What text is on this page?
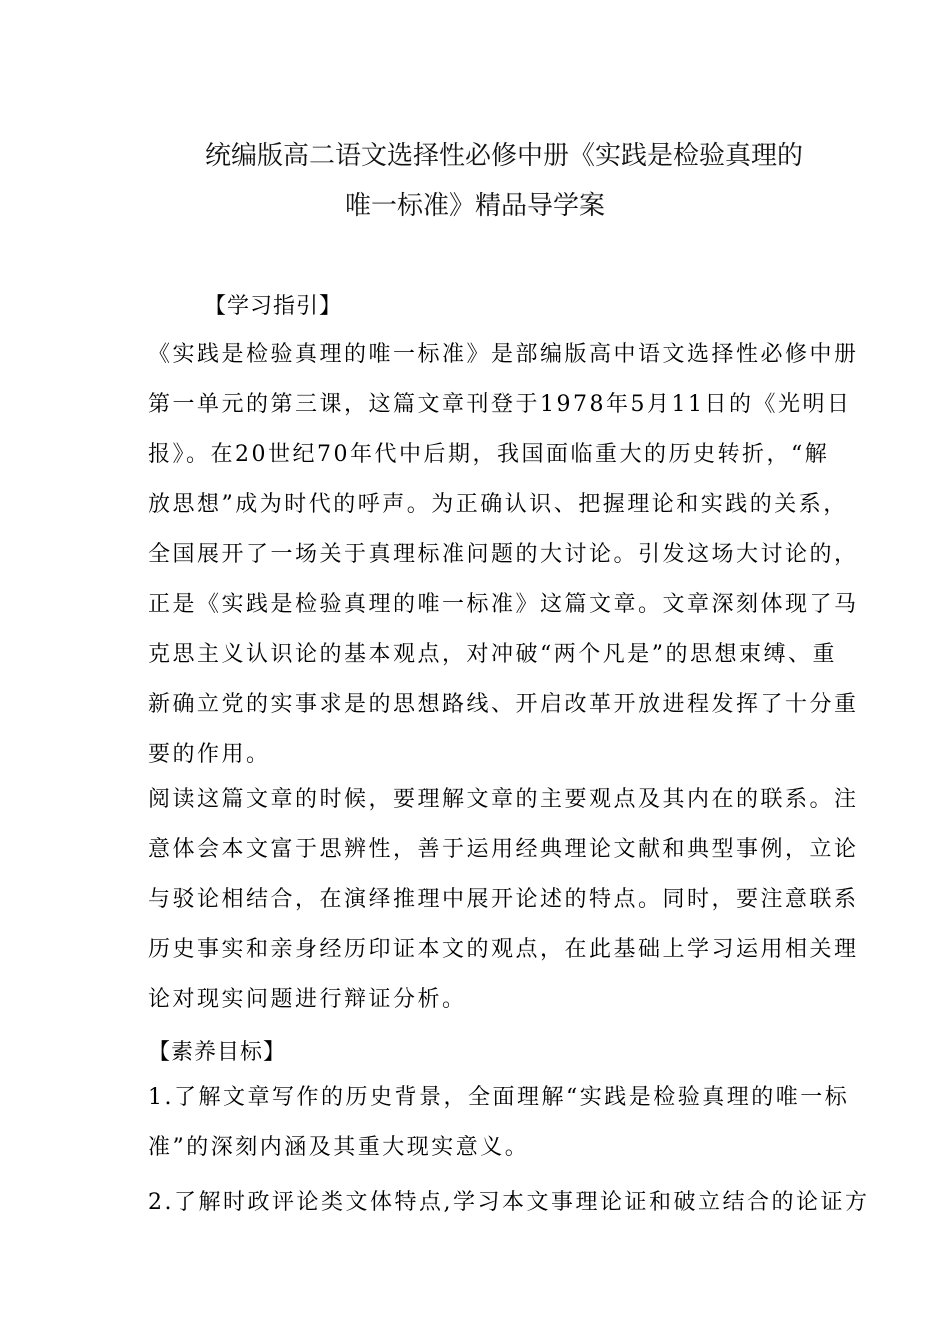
统编版高二语文选择性必修中册《实践是检验真理的
唯一标准》精品导学案
【学习指引】
《实践是检验真理的唯一标准》是部编版高中语文选择性必修中册
第一单元的第三课，这篇文章刊登于1978年5月11日的《光明日
报》。在20世纪70年代中后期，我国面临重大的历史转折，“解
放思想”成为时代的呼声。为正确认识、把握理论和实践的关系，
全国展开了一场关于真理标准问题的大讨论。引发这场大讨论的，
正是《实践是检验真理的唯一标准》这篇文章。文章深刻体现了马
克思主义认识论的基本观点，对冲破“两个凡是”的思想束缚、重
新确立党的实事求是的思想路线、开启改革开放进程发挥了十分重
要的作用。
阅读这篇文章的时候，要理解文章的主要观点及其内在的联系。注
意体会本文富于思辨性，善于运用经典理论文献和典型事例，立论
与驳论相结合，在演绎推理中展开论述的特点。同时，要注意联系
历史事实和亲身经历印证本文的观点，在此基础上学习运用相关理
论对现实问题进行辩证分析。
【素养目标】
1.了解文章写作的历史背景，全面理解“实践是检验真理的唯一标
准”的深刻内涵及其重大现实意义。
2.了解时政评论类文体特点,学习本文事理论证和破立结合的论证方
